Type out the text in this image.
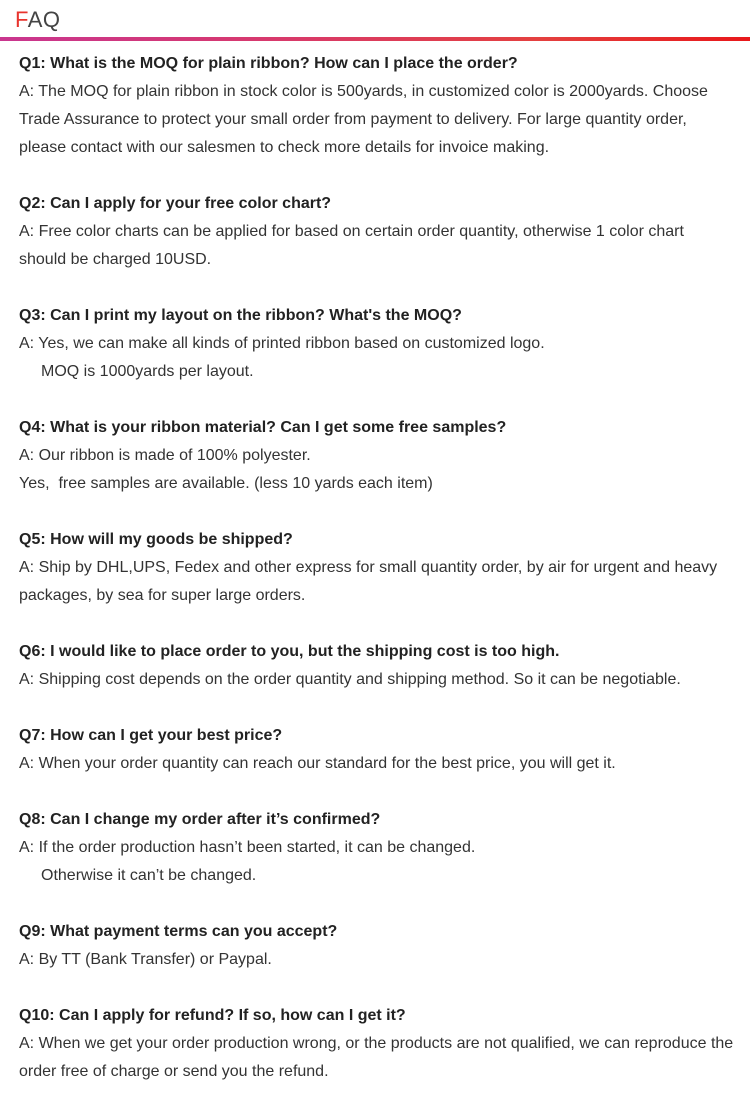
FAQ
Q1: What is the MOQ for plain ribbon? How can I place the order?
A: The MOQ for plain ribbon in stock color is 500yards, in customized color is 2000yards. Choose Trade Assurance to protect your small order from payment to delivery. For large quantity order, please contact with our salesmen to check more details for invoice making.
Q2: Can I apply for your free color chart?
A: Free color charts can be applied for based on certain order quantity, otherwise 1 color chart should be charged 10USD.
Q3: Can I print my layout on the ribbon? What's the MOQ?
A: Yes, we can make all kinds of printed ribbon based on customized logo.
MOQ is 1000yards per layout.
Q4: What is your ribbon material? Can I get some free samples?
A: Our ribbon is made of 100% polyester.
Yes,  free samples are available. (less 10 yards each item)
Q5: How will my goods be shipped?
A: Ship by DHL,UPS, Fedex and other express for small quantity order, by air for urgent and heavy packages, by sea for super large orders.
Q6: I would like to place order to you, but the shipping cost is too high.
A: Shipping cost depends on the order quantity and shipping method. So it can be negotiable.
Q7: How can I get your best price?
A: When your order quantity can reach our standard for the best price, you will get it.
Q8: Can I change my order after it’s confirmed?
A: If the order production hasn’t been started, it can be changed.
Otherwise it can’t be changed.
Q9: What payment terms can you accept?
A: By TT (Bank Transfer) or Paypal.
Q10: Can I apply for refund? If so, how can I get it?
A: When we get your order production wrong, or the products are not qualified, we can reproduce the order free of charge or send you the refund.
